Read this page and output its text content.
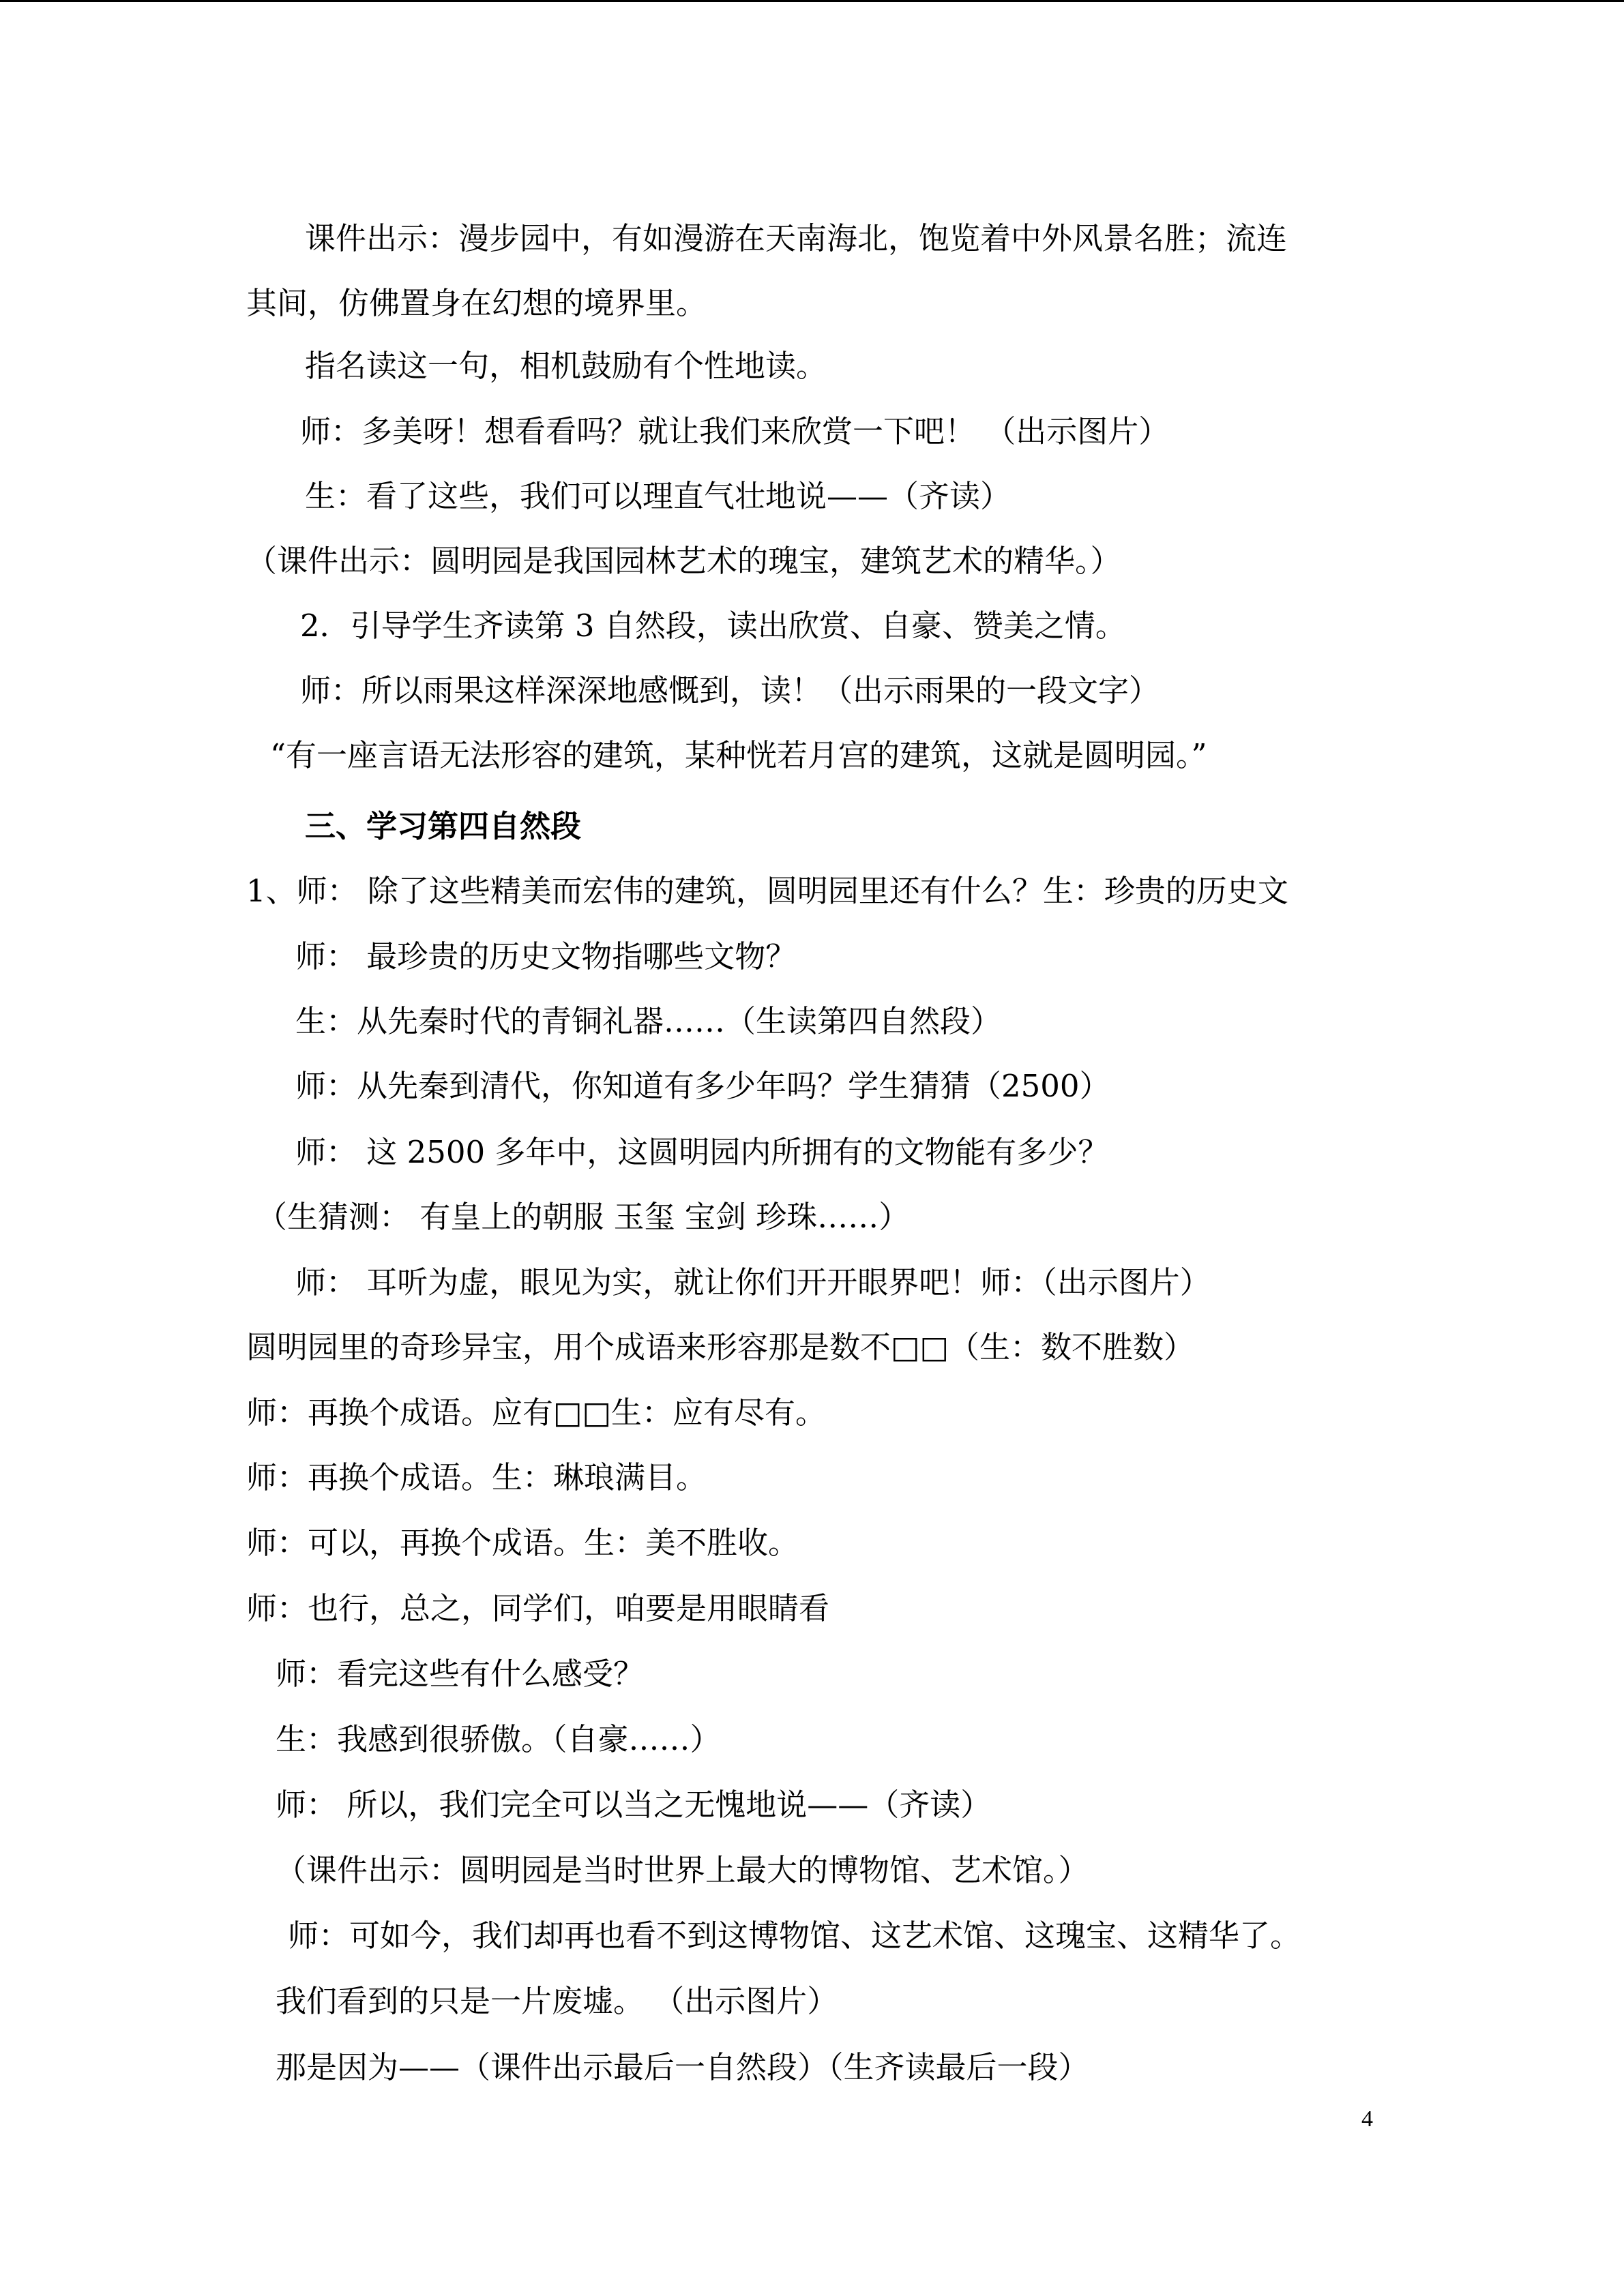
课件出示：漫步园中，有如漫游在天南海北，饱览着中外风景名胜；流连
其间，仿佛置身在幻想的境界里。
指名读这一句，相机鼓励有个性地读。
师：多美呀！想看看吗？就让我们来欣赏一下吧！ （出示图片）
生：看了这些，我们可以理直气壮地说——（齐读）
（课件出示：圆明园是我国园林艺术的瑰宝，建筑艺术的精华。）
2．引导学生齐读第 3 自然段，读出欣赏、自豪、赞美之情。
师：所以雨果这样深深地感慨到，读！（出示雨果的一段文字）
“有一座言语无法形容的建筑，某种恍若月宫的建筑，这就是圆明园。”
三、学习第四自然段
1、师： 除了这些精美而宏伟的建筑，圆明园里还有什么？生：珍贵的历史文
师： 最珍贵的历史文物指哪些文物？
生：从先秦时代的青铜礼器……（生读第四自然段）
师：从先秦到清代，你知道有多少年吗？学生猜猜（2500）
师： 这 2500 多年中，这圆明园内所拥有的文物能有多少？
（生猜测： 有皇上的朝服 玉玺 宝剑 珍珠……）
师： 耳听为虚，眼见为实，就让你们开开眼界吧！师：（出示图片）
圆明园里的奇珍异宝，用个成语来形容那是数不□□（生：数不胜数）
师：再换个成语。应有□□生：应有尽有。
师：再换个成语。生：琳琅满目。
师：可以，再换个成语。生：美不胜收。
师：也行，总之，同学们，咱要是用眼睛看
师：看完这些有什么感受？
生：我感到很骄傲。（自豪……）
师： 所以，我们完全可以当之无愧地说——（齐读）
（课件出示：圆明园是当时世界上最大的博物馆、艺术馆。）
师：可如今，我们却再也看不到这博物馆、这艺术馆、这瑰宝、这精华了。
我们看到的只是一片废墟。 （出示图片）
那是因为——（课件出示最后一自然段）（生齐读最后一段）
4
